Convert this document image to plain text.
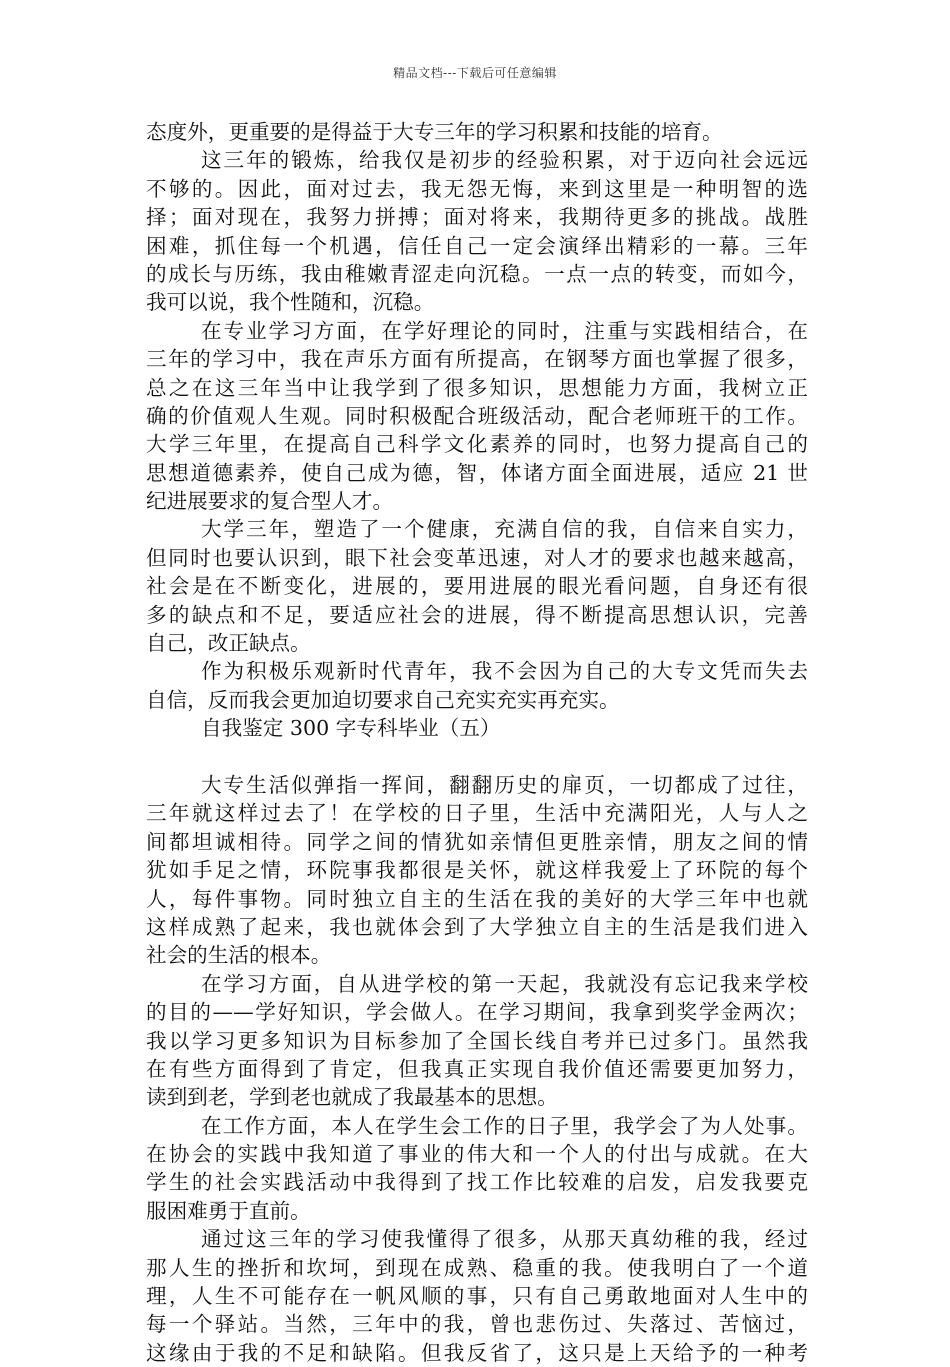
精品文档---下载后可任意编辑
态度外，更重要的是得益于大专三年的学习积累和技能的培育。
这三年的锻炼，给我仅是初步的经验积累，对于迈向社会远远
不够的。因此，面对过去，我无怨无悔，来到这里是一种明智的选
择；面对现在，我努力拼搏；面对将来，我期待更多的挑战。战胜
困难，抓住每一个机遇，信任自己一定会演绎出精彩的一幕。三年
的成长与历练，我由稚嫩青涩走向沉稳。一点一点的转变，而如今，
我可以说，我个性随和，沉稳。
在专业学习方面，在学好理论的同时，注重与实践相结合，在
三年的学习中，我在声乐方面有所提高，在钢琴方面也掌握了很多，
总之在这三年当中让我学到了很多知识，思想能力方面，我树立正
确的价值观人生观。同时积极配合班级活动，配合老师班干的工作。
大学三年里，在提高自己科学文化素养的同时，也努力提高自己的
思想道德素养，使自己成为德，智，体诸方面全面进展，适应 21 世
纪进展要求的复合型人才。
大学三年，塑造了一个健康，充满自信的我，自信来自实力，
但同时也要认识到，眼下社会变革迅速，对人才的要求也越来越高，
社会是在不断变化，进展的，要用进展的眼光看问题，自身还有很
多的缺点和不足，要适应社会的进展，得不断提高思想认识，完善
自己，改正缺点。
作为积极乐观新时代青年，我不会因为自己的大专文凭而失去
自信，反而我会更加迫切要求自己充实充实再充实。
自我鉴定 300 字专科毕业（五）
大专生活似弹指一挥间，翻翻历史的扉页，一切都成了过往，
三年就这样过去了！在学校的日子里，生活中充满阳光，人与人之
间都坦诚相待。同学之间的情犹如亲情但更胜亲情，朋友之间的情
犹如手足之情，环院事我都很是关怀，就这样我爱上了环院的每个
人，每件事物。同时独立自主的生活在我的美好的大学三年中也就
这样成熟了起来，我也就体会到了大学独立自主的生活是我们进入
社会的生活的根本。
在学习方面，自从进学校的第一天起，我就没有忘记我来学校
的目的——学好知识，学会做人。在学习期间，我拿到奖学金两次；
我以学习更多知识为目标参加了全国长线自考并已过多门。虽然我
在有些方面得到了肯定，但我真正实现自我价值还需要更加努力，
读到到老，学到老也就成了我最基本的思想。
在工作方面，本人在学生会工作的日子里，我学会了为人处事。
在协会的实践中我知道了事业的伟大和一个人的付出与成就。在大
学生的社会实践活动中我得到了找工作比较难的启发，启发我要克
服困难勇于直前。
通过这三年的学习使我懂得了很多，从那天真幼稚的我，经过
那人生的挫折和坎坷，到现在成熟、稳重的我。使我明白了一个道
理，人生不可能存在一帆风顺的事，只有自己勇敢地面对人生中的
每一个驿站。当然，三年中的我，曾也悲伤过、失落过、苦恼过，
这缘由于我的不足和缺陷。但我反省了，这只是上天给予的一种考
